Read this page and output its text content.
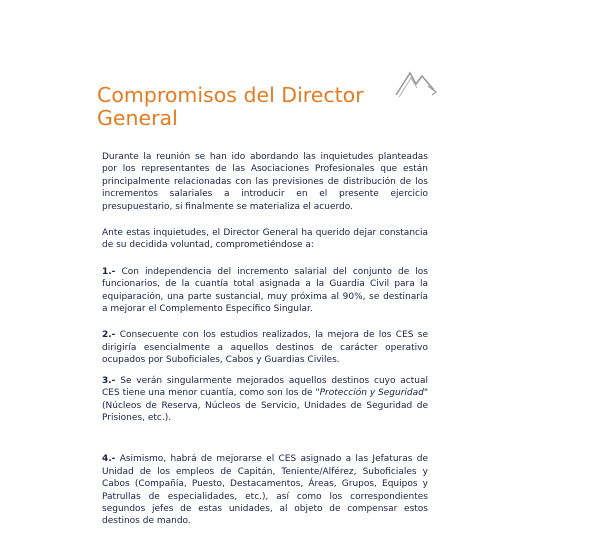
Compromisos del Director General

Durante la reunión se han ido abordando las inquietudes planteadas por los representantes de las Asociaciones Profesionales que están principalmente relacionadas con las previsiones de distribución de los incrementos salariales a introducir en el presente ejercicio presupuestario, si finalmente se materializa el acuerdo.

Ante estas inquietudes, el Director General ha querido dejar constancia de su decidida voluntad, comprometiéndose a:

1.- Con independencia del incremento salarial del conjunto de los funcionarios, de la cuantía total asignada a la Guardia Civil para la equiparación, una parte sustancial, muy próxima al 90%, se destinaría a mejorar el Complemento Específico Singular.

2.- Consecuente con los estudios realizados, la mejora de los CES se dirigiría esencialmente a aquellos destinos de carácter operativo ocupados por Suboficiales, Cabos y Guardias Civiles.

3.- Se verán singularmente mejorados aquellos destinos cuyo actual CES tiene una menor cuantía, como son los de "Protección y Seguridad" (Núcleos de Reserva, Núcleos de Servicio, Unidades de Seguridad de Prisiones, etc.).

4.- Asimismo, habrá de mejorarse el CES asignado a las Jefaturas de Unidad de los empleos de Capitán, Teniente/Alférez, Suboficiales y Cabos (Compañía, Puesto, Destacamentos, Áreas, Grupos, Equipos y Patrullas de especialidades, etc.), así como los correspondientes segundos jefes de estas unidades, al objeto de compensar estos destinos de mando.
